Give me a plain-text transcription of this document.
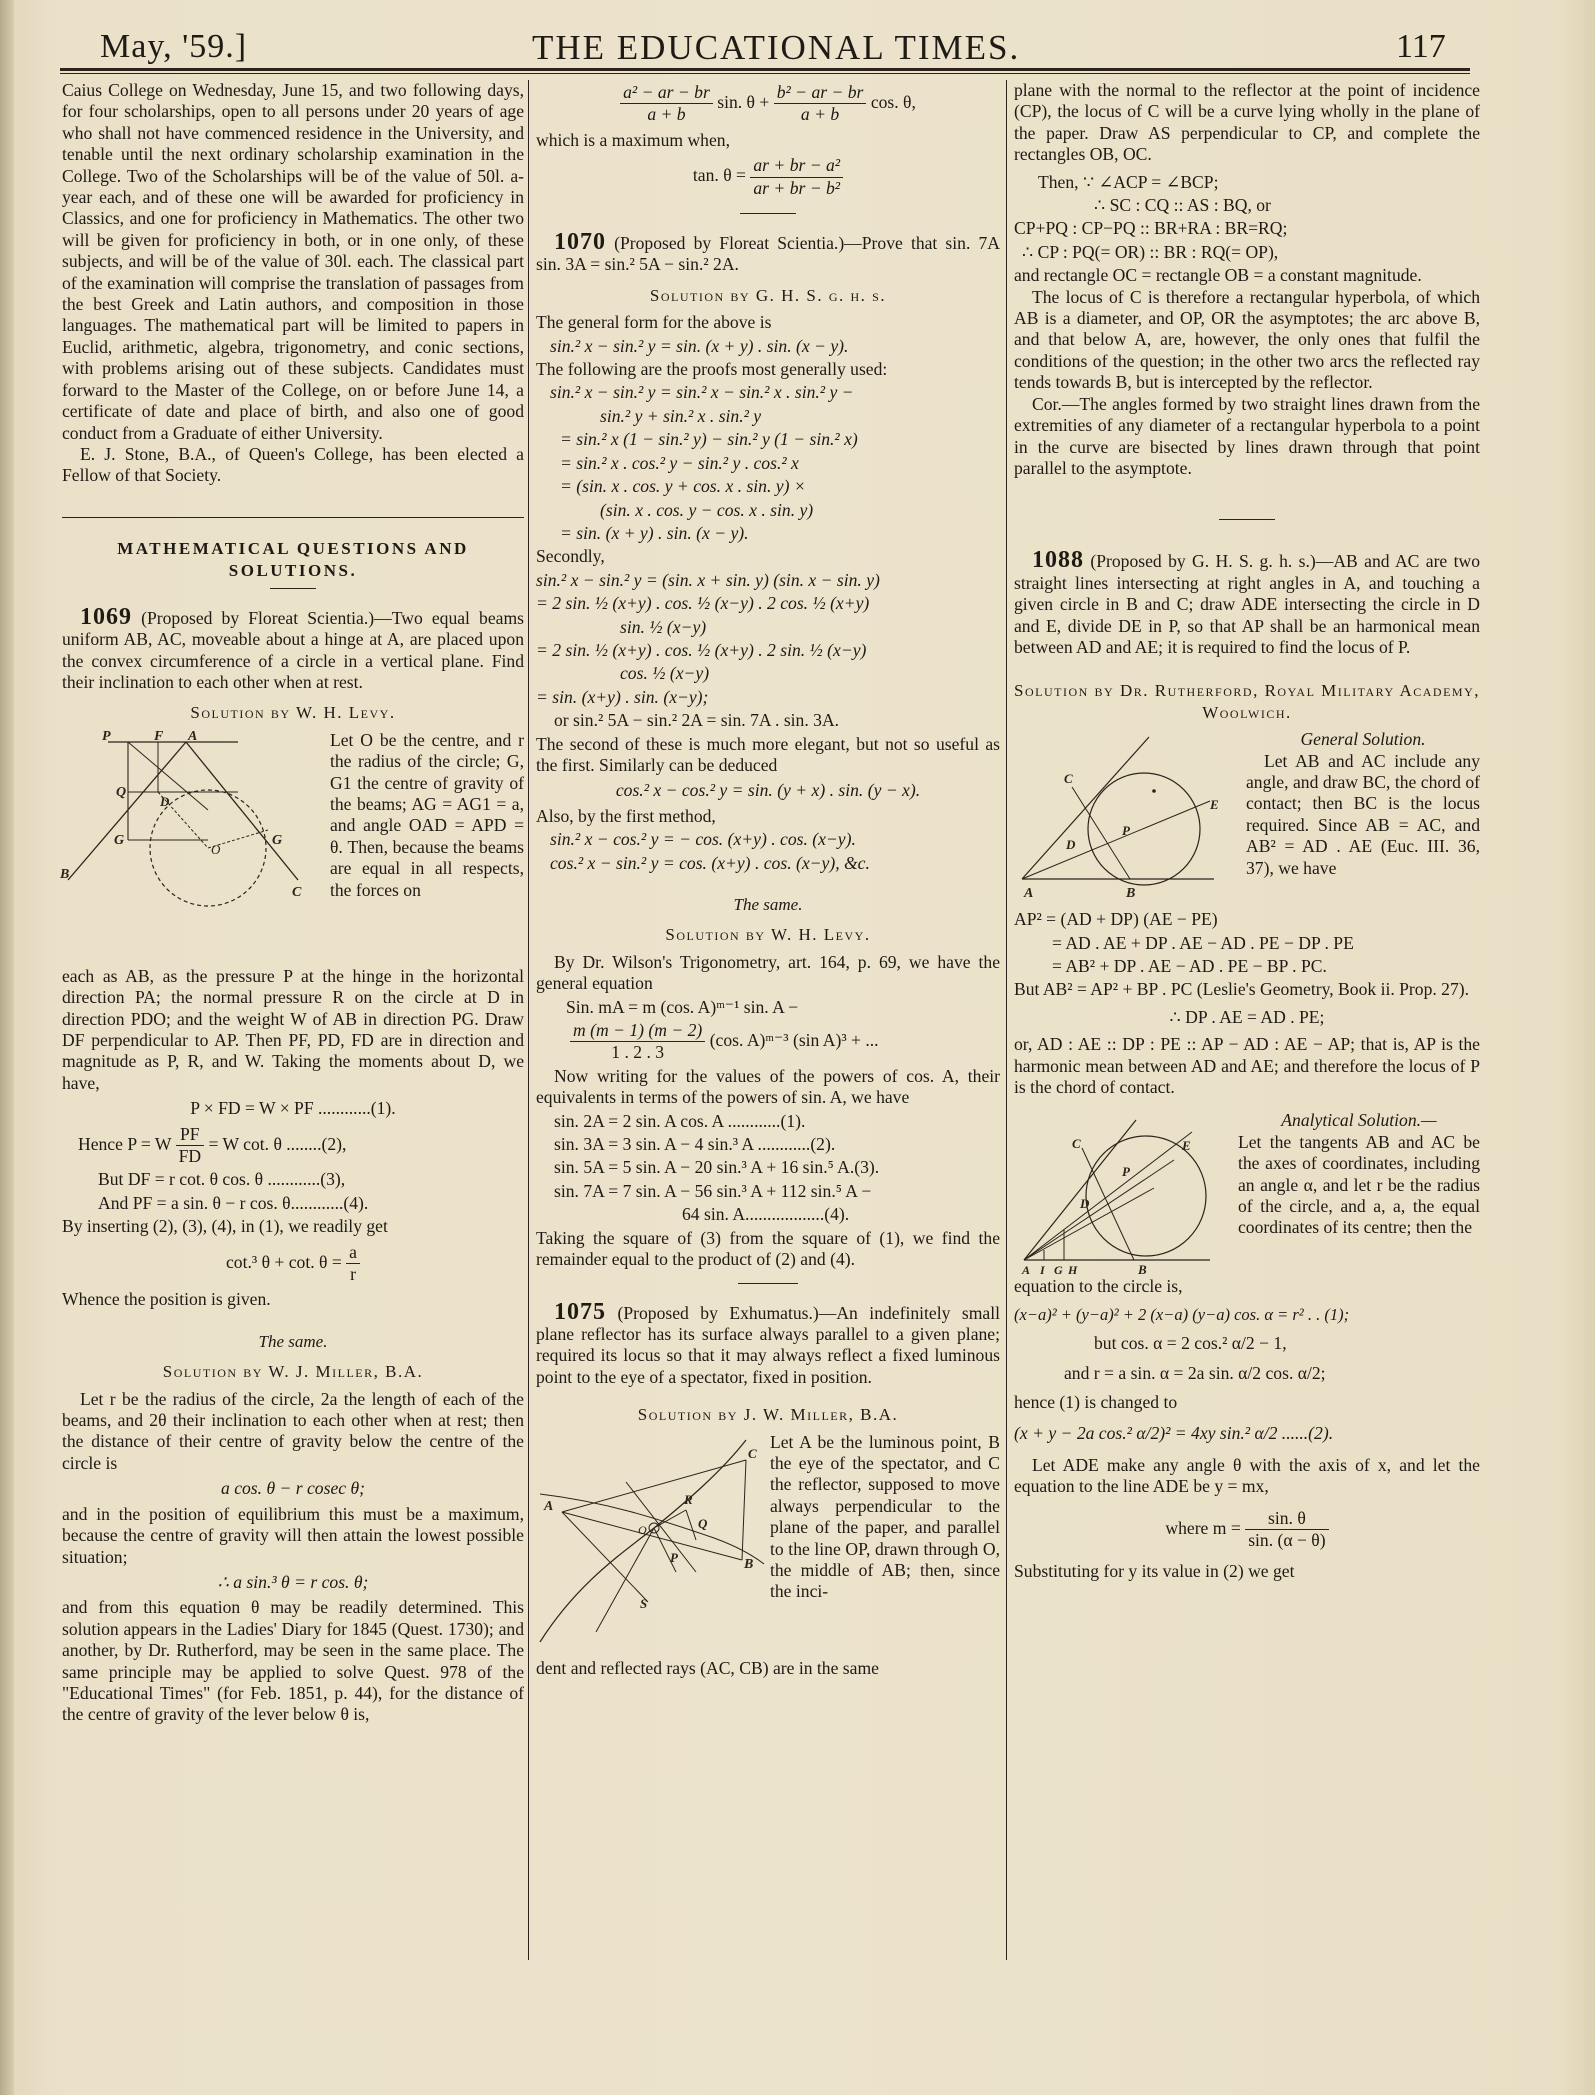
May, '59.]	THE EDUCATIONAL TIMES.	117

Caius College on Wednesday, June 15, and two following days, for four scholarships, open to all persons under 20 years of age who shall not have commenced residence in the University, and tenable until the next ordinary scholarship examination in the College. Two of the Scholarships will be of the value of 50l. a-year each, and of these one will be awarded for proficiency in Classics, and one for proficiency in Mathematics. The other two will be given for proficiency in both, or in one only, of these subjects, and will be of the value of 30l. each. The classical part of the examination will comprise the translation of passages from the best Greek and Latin authors, and composition in those languages. The mathematical part will be limited to papers in Euclid, arithmetic, algebra, trigonometry, and conic sections, with problems arising out of these subjects. Candidates must forward to the Master of the College, on or before June 14, a certificate of date and place of birth, and also one of good conduct from a Graduate of either University.

E. J. Stone, B.A., of Queen's College, has been elected a Fellow of that Society.

MATHEMATICAL QUESTIONS AND SOLUTIONS.

1069 (Proposed by Floreat Scientia.)—Two equal beams uniform AB, AC, moveable about a hinge at A, are placed upon the convex circumference of a circle in a vertical plane. Find their inclination to each other when at rest.

Solution by W. H. Levy.
P	F A
Q
D
O
G	G
B
C

Let O be the centre, and r the radius of the circle; G, G1 the centre of gravity of the beams; AG = AG1 = a, and angle OAD = APD = θ. Then, because the beams are equal in all respects, the forces on

each as AB, as the pressure P at the hinge in the horizontal direction PA; the normal pressure R on the circle at D in direction PDO; and the weight W of AB in direction PG. Draw DF perpendicular to AP. Then PF, PD, FD are in direction and magnitude as P, R, and W. Taking the moments about D, we have,

P × FD = W × PF ............(1).
Hence P = W $\frac{PF}{FD} = W$ cot. θ ........(2),
But DF = r cot. θ cos. θ ............(3),
And PF = a sin. θ − r cos. θ............(4).

By inserting (2), (3), (4), in (1), we readily get

cot.³ θ + cot. $\theta = \frac{a}{r}$

Whence the position is given.

The same.
Solution by W. J. Miller, B.A.

Let r be the radius of the circle, 2a the length of each of the beams, and 2θ their inclination to each other when at rest; then the distance of their centre of gravity below the centre of the circle is

a cos. θ − r cosec θ;

and in the position of equilibrium this must be a maximum, because the centre of gravity will then attain the lowest possible situation;

∴ a sin.³ θ = r cos. θ;

and from this equation θ may be readily determined. This solution appears in the Ladies' Diary for 1845 (Quest. 1730); and another, by Dr. Rutherford, may be seen in the same place. The same principle may be applied to solve Quest. 978 of the "Educational Times" (for Feb. 1851, p. 44), for the distance of the centre of gravity of the lever below θ is,

$\frac{\text{a² − ar − br}}{a + b} \sin$. $\theta + \frac{\text{b² − ar − br}}{a + b} \cos$. θ,

which is a maximum when,

tan. $\theta = \frac{\text{ar + br − a²}}{\text{ar + br − b²}}$

1070 (Proposed by Floreat Scientia.)—Prove that sin. 7A sin. 3A = sin.² 5A − sin.² 2A.

Solution by G. H. S. g. h. s.

The general form for the above is

sin.² x − sin.² y = sin. (x + y) . sin. (x − y).

The following are the proofs most generally used:

sin.² x − sin.² y = sin.² x − sin.² x . sin.² y −
sin.² y + sin.² x . sin.² y
= sin.² x (1 − sin.² y) − sin.² y (1 − sin.² x)
= sin.² x . cos.² y − sin.² y . cos.² x
= (sin. x . cos. y + cos. x . sin. y) ×
(sin. x . cos. y − cos. x . sin. y)
= sin. (x + y) . sin. (x − y).

Secondly,

sin.² x − sin.² y = (sin. x + sin. y) (sin. x − sin. y)
= 2 sin. ½ (x+y) . cos. ½ (x−y) . 2 cos. ½ (x+y)
sin. ½ (x−y)
= 2 sin. ½ (x+y) . cos. ½ (x+y) . 2 sin. ½ (x−y)
cos. ½ (x−y)
= sin. (x+y) . sin. (x−y);
or sin.² 5A − sin.² 2A = sin. 7A . sin. 3A.

The second of these is much more elegant, but not so useful as the first. Similarly can be deduced

cos.² x − cos.² y = sin. (y + x) . sin. (y − x).

Also, by the first method,

sin.² x − cos.² y = − cos. (x+y) . cos. (x−y).
cos.² x − sin.² y = cos. (x+y) . cos. (x−y), &c.
The same.
Solution by W. H. Levy.

By Dr. Wilson's Trigonometry, art. 164, p. 69, we have the general equation

Sin. mA = m (cos. A)ᵐ⁻¹ sin. A −
$\frac{m (m - 1) (m - 2)}{1 . 2 . 3} (\cos$. A)ᵐ⁻³ (sin A)³ + ...

Now writing for the values of the powers of cos. A, their equivalents in terms of the powers of sin. A, we have

sin. 2A = 2 sin. A cos. A ............(1).
sin. 3A = 3 sin. A − 4 sin.³ A ............(2).
sin. 5A = 5 sin. A − 20 sin.³ A + 16 sin.⁵ A.(3).
sin. 7A = 7 sin. A − 56 sin.³ A + 112 sin.⁵ A −
64 sin. A..................(4).

Taking the square of (3) from the square of (1), we find the remainder equal to the product of (2) and (4).

1075 (Proposed by Exhumatus.)—An indefinitely small plane reflector has its surface always parallel to a given plane; required its locus so that it may always reflect a fixed luminous point to the eye of a spectator, fixed in position.

Solution by J. W. Miller, B.A.
C
A	R
Q
P
O
B
S

Let A be the luminous point, B the eye of the spectator, and C the reflector, supposed to move always perpendicular to the plane of the paper, and parallel to the line OP, drawn through O, the middle of AB; then, since the inci-

dent and reflected rays (AC, CB) are in the same

plane with the normal to the reflector at the point of incidence (CP), the locus of C will be a curve lying wholly in the plane of the paper. Draw AS perpendicular to CP, and complete the rectangles OB, OC.

Then, ∵ ∠ACP = ∠BCP;
∴ SC : CQ :: AS : BQ, or
CP+PQ : CP−PQ :: BR+RA : BR=RQ;
∴ CP : PQ(= OR) :: BR : RQ(= OP),

and rectangle OC = rectangle OB = a constant magnitude.

The locus of C is therefore a rectangular hyperbola, of which AB is a diameter, and OP, OR the asymptotes; the arc above B, and that below A, are, however, the only ones that fulfil the conditions of the question; in the other two arcs the reflected ray tends towards B, but is intercepted by the reflector.

Cor.—The angles formed by two straight lines drawn from the extremities of any diameter of a rectangular hyperbola to a point in the curve are bisected by lines drawn through that point parallel to the asymptote.

1088 (Proposed by G. H. S. g. h. s.)—AB and AC are two straight lines intersecting at right angles in A, and touching a given circle in B and C; draw ADE intersecting the circle in D and E, divide DE in P, so that AP shall be an harmonical mean between AD and AE; it is required to find the locus of P.

Solution by Dr. Rutherford, Royal Military Academy, Woolwich.
C
E
P
D
A	B
General Solution.

Let AB and AC include any angle, and draw BC, the chord of contact; then BC is the locus required. Since AB = AC, and AB² = AD . AE (Euc. III. 36, 37), we have

AP² = (AD + DP) (AE − PE)
= AD . AE + DP . AE − AD . PE − DP . PE
= AB² + DP . AE − AD . PE − BP . PC.

But AB² = AP² + BP . PC (Leslie's Geometry, Book ii. Prop. 27).

∴ DP . AE = AD . PE;

or, AD : AE :: DP : PE :: AP − AD : AE − AP; that is, AP is the harmonic mean between AD and AE; and therefore the locus of P is the chord of contact.

C	E
P
D
A I G H	B
Analytical Solution.—

Let the tangents AB and AC be the axes of coordinates, including an angle α, and let r be the radius of the circle, and a, a, the equal coordinates of its centre; then the

equation to the circle is,

(x−a)² + (y−a)² + 2 (x−a) (y−a) cos. α = r² . . (1);
but cos. α = 2 cos.² α/2 − 1,
and r = a sin. α = 2a sin. α/2 cos. α/2;

hence (1) is changed to

(x + y − 2a cos.² α/2)² = 4xy sin.² α/2 ......(2).

Let ADE make any angle θ with the axis of x, and let the equation to the line ADE be y = mx,

where $m = \frac{\sin. \theta}{\sin. (\alpha - \theta)}$

Substituting for y its value in (2) we get
